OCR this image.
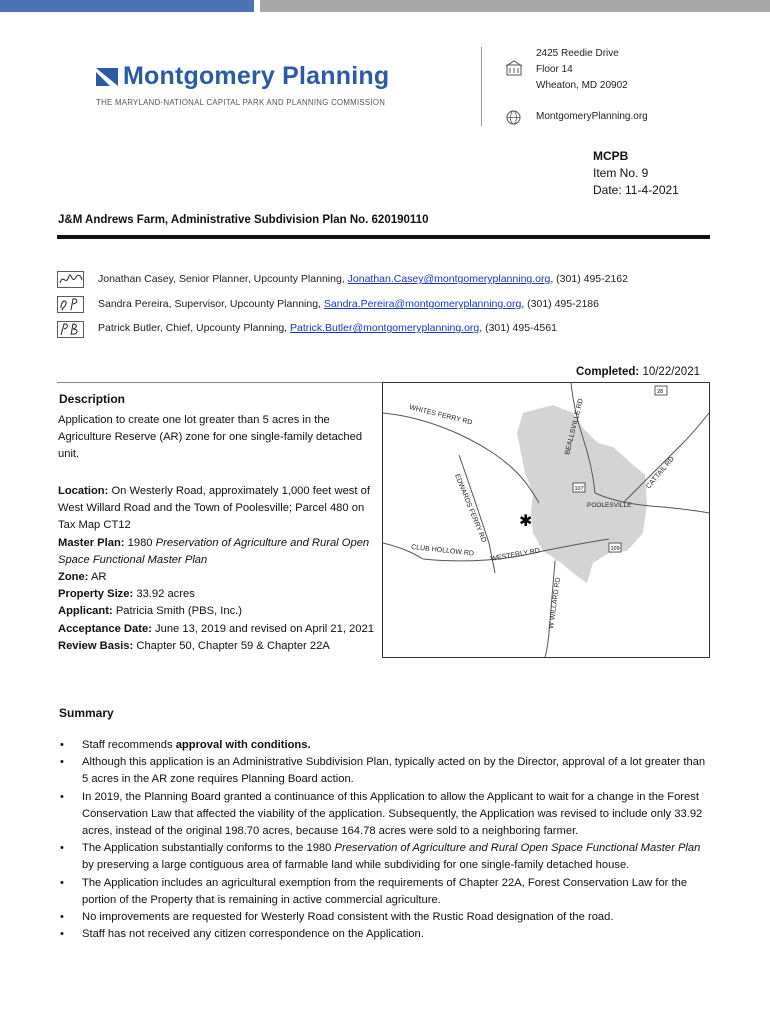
Montgomery Planning
THE MARYLAND-NATIONAL CAPITAL PARK AND PLANNING COMMISSION
2425 Reedie Drive
Floor 14
Wheaton, MD 20902
MontgomeryPlanning.org
MCPB
Item No. 9
Date: 11-4-2021
J&M Andrews Farm, Administrative Subdivision Plan No. 620190110
Jonathan Casey, Senior Planner, Upcounty Planning, Jonathan.Casey@montgomeryplanning.org, (301) 495-2162
Sandra Pereira, Supervisor, Upcounty Planning, Sandra.Pereira@montgomeryplanning.org, (301) 495-2186
Patrick Butler, Chief, Upcounty Planning, Patrick.Butler@montgomeryplanning.org, (301) 495-4561
Completed: 10/22/2021
Description
Application to create one lot greater than 5 acres in the Agriculture Reserve (AR) zone for one single-family detached unit.
Location: On Westerly Road, approximately 1,000 feet west of West Willard Road and the Town of Poolesville; Parcel 480 on Tax Map CT12
Master Plan: 1980 Preservation of Agriculture and Rural Open Space Functional Master Plan
Zone: AR
Property Size: 33.92 acres
Applicant: Patricia Smith (PBS, Inc.)
Acceptance Date: June 13, 2019 and revised on April 21, 2021
Review Basis: Chapter 50, Chapter 59 & Chapter 22A
WHITES FERRY RD	BEALLSVILLE RD
EDWARDS FERRY RD
CLUB HOLLOW RD WESTERLY RD
W WILLARD RD
CATTAIL RD
POOLESVILLE
107
109
28
✱
Summary
• Staff recommends approval with conditions.
• Although this application is an Administrative Subdivision Plan, typically acted on by the Director, approval of a lot greater than 5 acres in the AR zone requires Planning Board action.
• In 2019, the Planning Board granted a continuance of this Application to allow the Applicant to wait for a change in the Forest Conservation Law that affected the viability of the application. Subsequently, the Application was revised to include only 33.92 acres, instead of the original 198.70 acres, because 164.78 acres were sold to a neighboring farmer.
• The Application substantially conforms to the 1980 Preservation of Agriculture and Rural Open Space Functional Master Plan by preserving a large contiguous area of farmable land while subdividing for one single-family detached house.
• The Application includes an agricultural exemption from the requirements of Chapter 22A, Forest Conservation Law for the portion of the Property that is remaining in active commercial agriculture.
• No improvements are requested for Westerly Road consistent with the Rustic Road designation of the road.
• Staff has not received any citizen correspondence on the Application.
